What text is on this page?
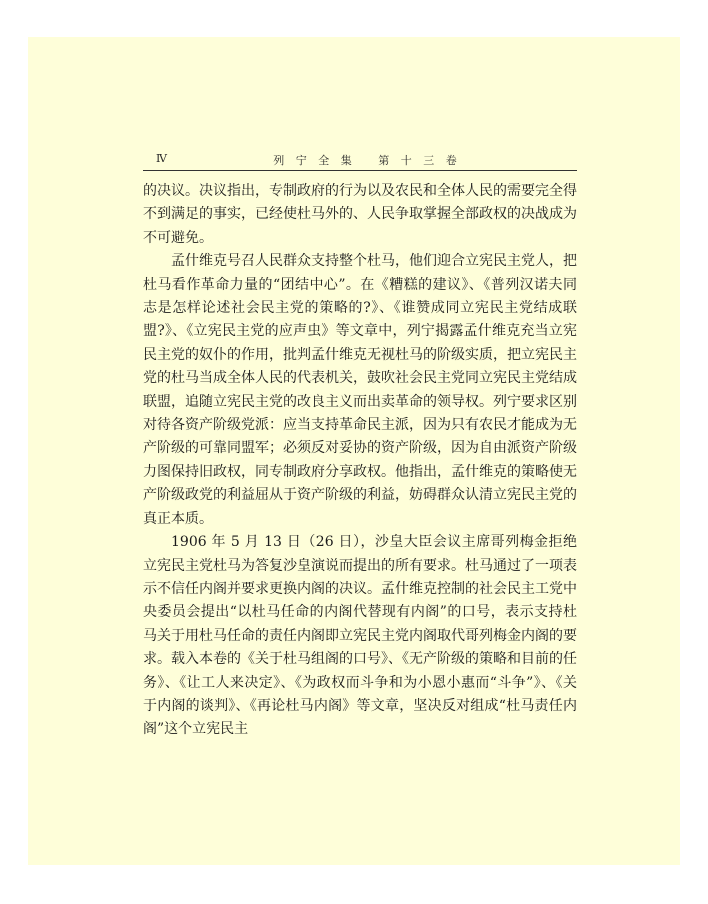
Ⅳ	列 宁 全 集　 第 十 三 卷

的决议。决议指出，专制政府的行为以及农民和全体人民的需要完全得不到满足的事实，已经使杜马外的、人民争取掌握全部政权的决战成为不可避免。

孟什维克号召人民群众支持整个杜马，他们迎合立宪民主党人，把杜马看作革命力量的“团结中心”。在《糟糕的建议》、《普列汉诺夫同志是怎样论述社会民主党的策略的?》、《谁赞成同立宪民主党结成联盟?》、《立宪民主党的应声虫》等文章中，列宁揭露孟什维克充当立宪民主党的奴仆的作用，批判孟什维克无视杜马的阶级实质，把立宪民主党的杜马当成全体人民的代表机关，鼓吹社会民主党同立宪民主党结成联盟，追随立宪民主党的改良主义而出卖革命的领导权。列宁要求区别对待各资产阶级党派：应当支持革命民主派，因为只有农民才能成为无产阶级的可靠同盟军；必须反对妥协的资产阶级，因为自由派资产阶级力图保持旧政权，同专制政府分享政权。他指出，孟什维克的策略使无产阶级政党的利益屈从于资产阶级的利益，妨碍群众认清立宪民主党的真正本质。

1906 年 5 月 13 日（26 日），沙皇大臣会议主席哥列梅金拒绝立宪民主党杜马为答复沙皇演说而提出的所有要求。杜马通过了一项表示不信任内阁并要求更换内阁的决议。孟什维克控制的社会民主工党中央委员会提出“以杜马任命的内阁代替现有内阁”的口号，表示支持杜马关于用杜马任命的责任内阁即立宪民主党内阁取代哥列梅金内阁的要求。载入本卷的《关于杜马组阁的口号》、《无产阶级的策略和目前的任务》、《让工人来决定》、《为政权而斗争和为小恩小惠而“斗争”》、《关于内阁的谈判》、《再论杜马内阁》等文章，坚决反对组成“杜马责任内阁”这个立宪民主
